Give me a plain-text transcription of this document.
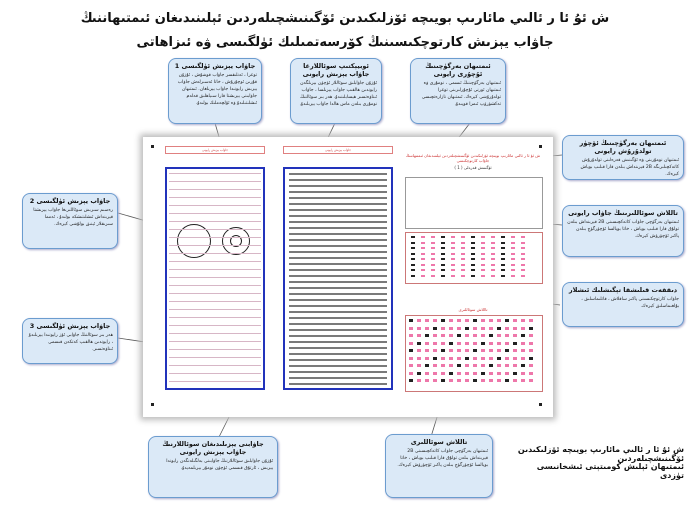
ش ئۇ ئا ر ئالىي مائارىپ بويىچە ئۆزلىكىدىن ئۆگىنىشچىلەردىن ئېلىنىدىغان ئىمتىھاننىڭ
جاۋاب يېزىش كارتوچكىسىنىڭ كۆرسەتمىلىك ئۈلگىسى ۋە ئىزاھاتى
جاۋاب يېزىش رايونى	جاۋاب يېزىش رايونى
ش ئۇ ئا ر ئالىي مائارىپ بويىچە ئۆزلىكىدىن ئۆگىنىشچىلەردىن ئېلىنىدىغان ئىمتىھاننىڭ جاۋاب كارتوچكىسى
ئۆگىنىش قەرەلى ( 1 )
تاللاش سوئاللىرى
جاۋاب يېزىش ئۈلگىسى 1
توغرا ، ئەنلىقسز جاۋاب قوشۇش ، ئۇزۇن قۇرىن ئوچۇرۇش ، خاتا ئەسىرلەش جاۋاب يېزىش رايونىدا جاۋاب يېزىلغان. ئىمتىھان جاۋابىنى يېزىشتا قارا سىياھلىق قەلەم ئىشلىتىلىدۇ ۋە ئۆلچەملىك بولىدۇ.
ئوبيېكتىپ سوئاللارغا جاۋاب يېزىش رايونى
ئۇزۇن جاۋابلىق سوئاللار ئۈچۈن بېرىلگەن رايوندىن ھالقىپ جاۋاب يېزىلسا ، جاۋاب ئىناۋەتسىز ھېسابلىنىدۇ. ھەر بىر سوئالنىڭ نومۇرى بىلەن ماس ھالدا جاۋاب يېزىلىدۇ.
ئىمتىھان بەرگۈچىنىڭ ئۇچۇرى رايونى
ئىمتىھان بەرگۈچىنىڭ ئىسمى ، نومۇرى ۋە ئىمتىھان ئورنى ئۇچۇرلىرىنى توغرا تولدۇرۇشى كېرەك. ئىمتىھان نازارەتچىسى تەكشۈرۈپ ئىمزا قويىدۇ.
جاۋاب يېزىش ئۈلگىسى 2
رەسىم سىزىش سوئاللىرىغا جاۋاب يېزىشتا قېرىنداش ئىشلىتىشكە بولىدۇ ، ئەمما سىزىقلار ئېنىق بولۇشى كېرەك.
ئىمتىھان بەرگۈچىنىڭ ئۆچۈر تولدۇرۇش رايونى
ئىمتىھان نومۇرىنى ۋە ئۆگىنىش قەرەلىنى تولدۇرۇش كاتەكچىلىرىگە 2B قېرىنداش بىلەن قارا قىلىپ بوياش كېرەك.
تاللاش سوئاللىرىنىڭ جاۋاب رايونى
ئىمتىھان بەرگۈچى جاۋاب كاتەكچىسىنى 2B قېرىنداش بىلەن تولۇق قارا قىلىپ بوياش ، خاتا بويالسا ئۆچۈرگۈچ بىلەن پاكىز ئۆچۈرۈش كېرەك.
دىققەت قىلىشقا تېگىشلىك ئىشلار
جاۋاب كارتوچكىسىنى پاكىز ساقلاش ، قاتلىماسلىق ، بۇلغىماسلىق كېرەك.
جاۋاب يېزىش ئۈلگىسى 3
ھەر بىر سوئالنىڭ جاۋابى ئۆز رايونىدا يېزىلىدۇ ، رايوندىن ھالقىپ كەتكەن قىسمى ئىناۋەتسىز.
جاۋابنى يېزىلىدىغان سوئاللارنىڭ جاۋاب يېزىش رايونى
ئۇزۇن جاۋابلىق سوئاللارنىڭ جاۋابىنى بەلگىلەنگەن رايوندا يېزىش ، ئارتۇق قىسمى ئۈچۈن نومۇر بېرىلمەيدۇ.
تاللاش سوئاللىرى
ئىمتىھان بەرگۈچى جاۋاب كاتەكچىسىنى 2B قېرىنداش بىلەن تولۇق قارا قىلىپ بوياش ، خاتا بويالسا ئۆچۈرگۈچ بىلەن پاكىز ئۆچۈرۈش كېرەك.
ش ئۇ ئا ر ئالىي مائارىپ بويىچە ئۆزلىكىدىن ئۆگىنىشچىلەردىن
ئىمتىھان ئېلىش كومىتېتى ئىشخانىسى تۈزدى
